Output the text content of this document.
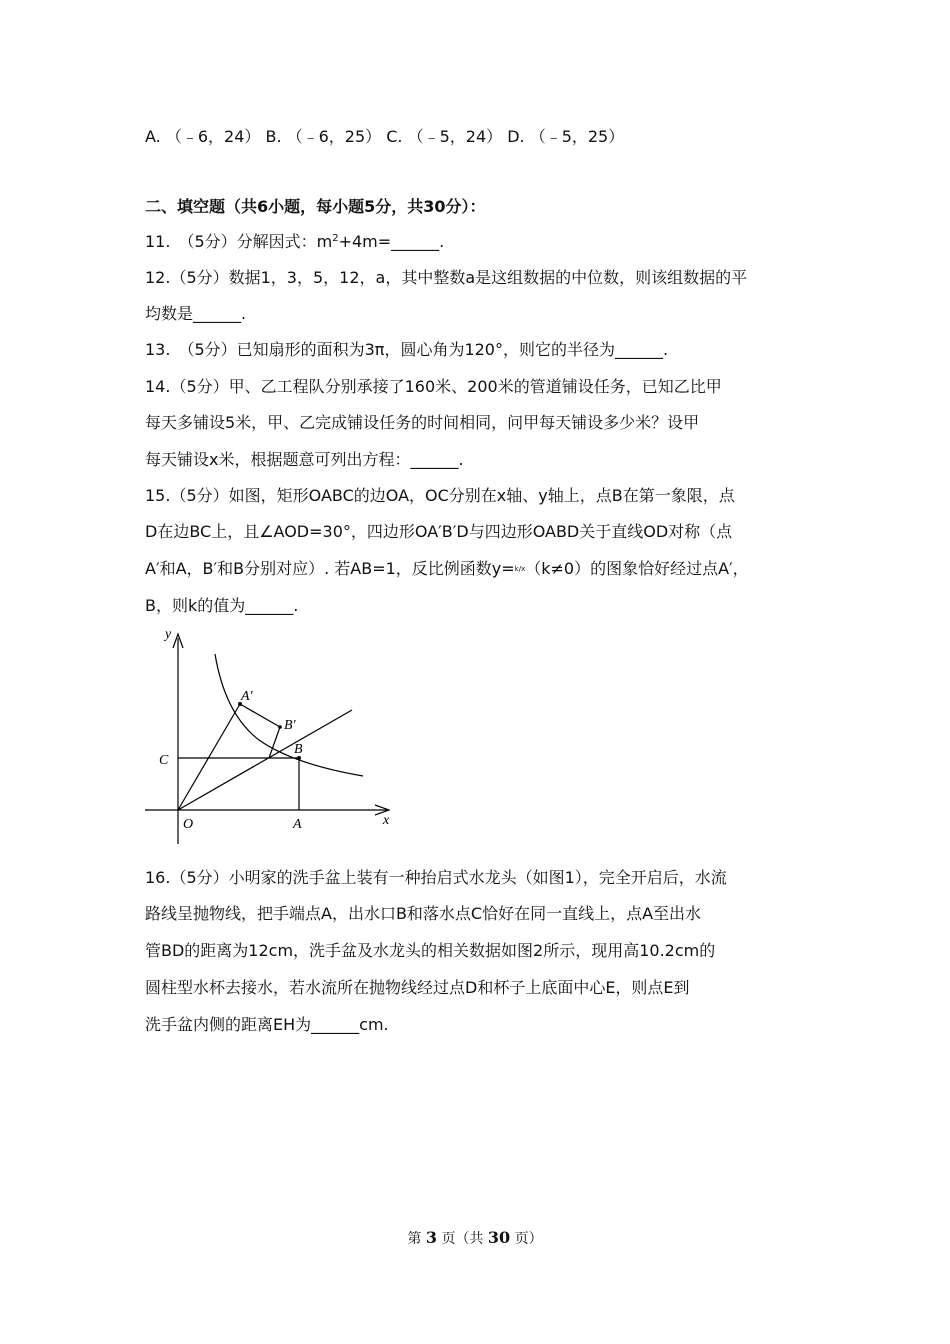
A. （﹣6，24） B. （﹣6，25） C. （﹣5，24） D. （﹣5，25）
二、填空题（共6小题，每小题5分，共30分）：
11.　（5分）分解因式：$m^2+4m=\_\_\_\_\_\_$.
12.（5分）数据1，3，5，12，a，其中整数a是这组数据的中位数，则该组数据的平
均数是______.
13.　（5分）已知扇形的面积为3π，圆心角为120°，则它的半径为______.
14.（5分）甲、乙工程队分别承接了160米、200米的管道铺设任务，已知乙比甲
每天多铺设5米，甲、乙完成铺设任务的时间相同，问甲每天铺设多少米？设甲
每天铺设x米，根据题意可列出方程：______.
15.（5分）如图，矩形OABC的边OA，OC分别在x轴、y轴上，点B在第一象限，点
D在边BC上，且∠AOD=30°，四边形OA′B′D与四边形OABD关于直线OD对称（点
A′和A，B′和B分别对应）. 若AB=1，反比例函数y=k/x（k≠0）的图象恰好经过点A′，
B，则k的值为______.
y
x
O	A
B
C
A′
B′
16.（5分）小明家的洗手盆上装有一种抬启式水龙头（如图1），完全开启后，水流
路线呈抛物线，把手端点A，出水口B和落水点C恰好在同一直线上，点A至出水
管BD的距离为12cm，洗手盆及水龙头的相关数据如图2所示，现用高10.2cm的
圆柱型水杯去接水，若水流所在抛物线经过点D和杯子上底面中心E，则点E到
洗手盆内侧的距离EH为______cm.
第 3 页（共 30 页）
